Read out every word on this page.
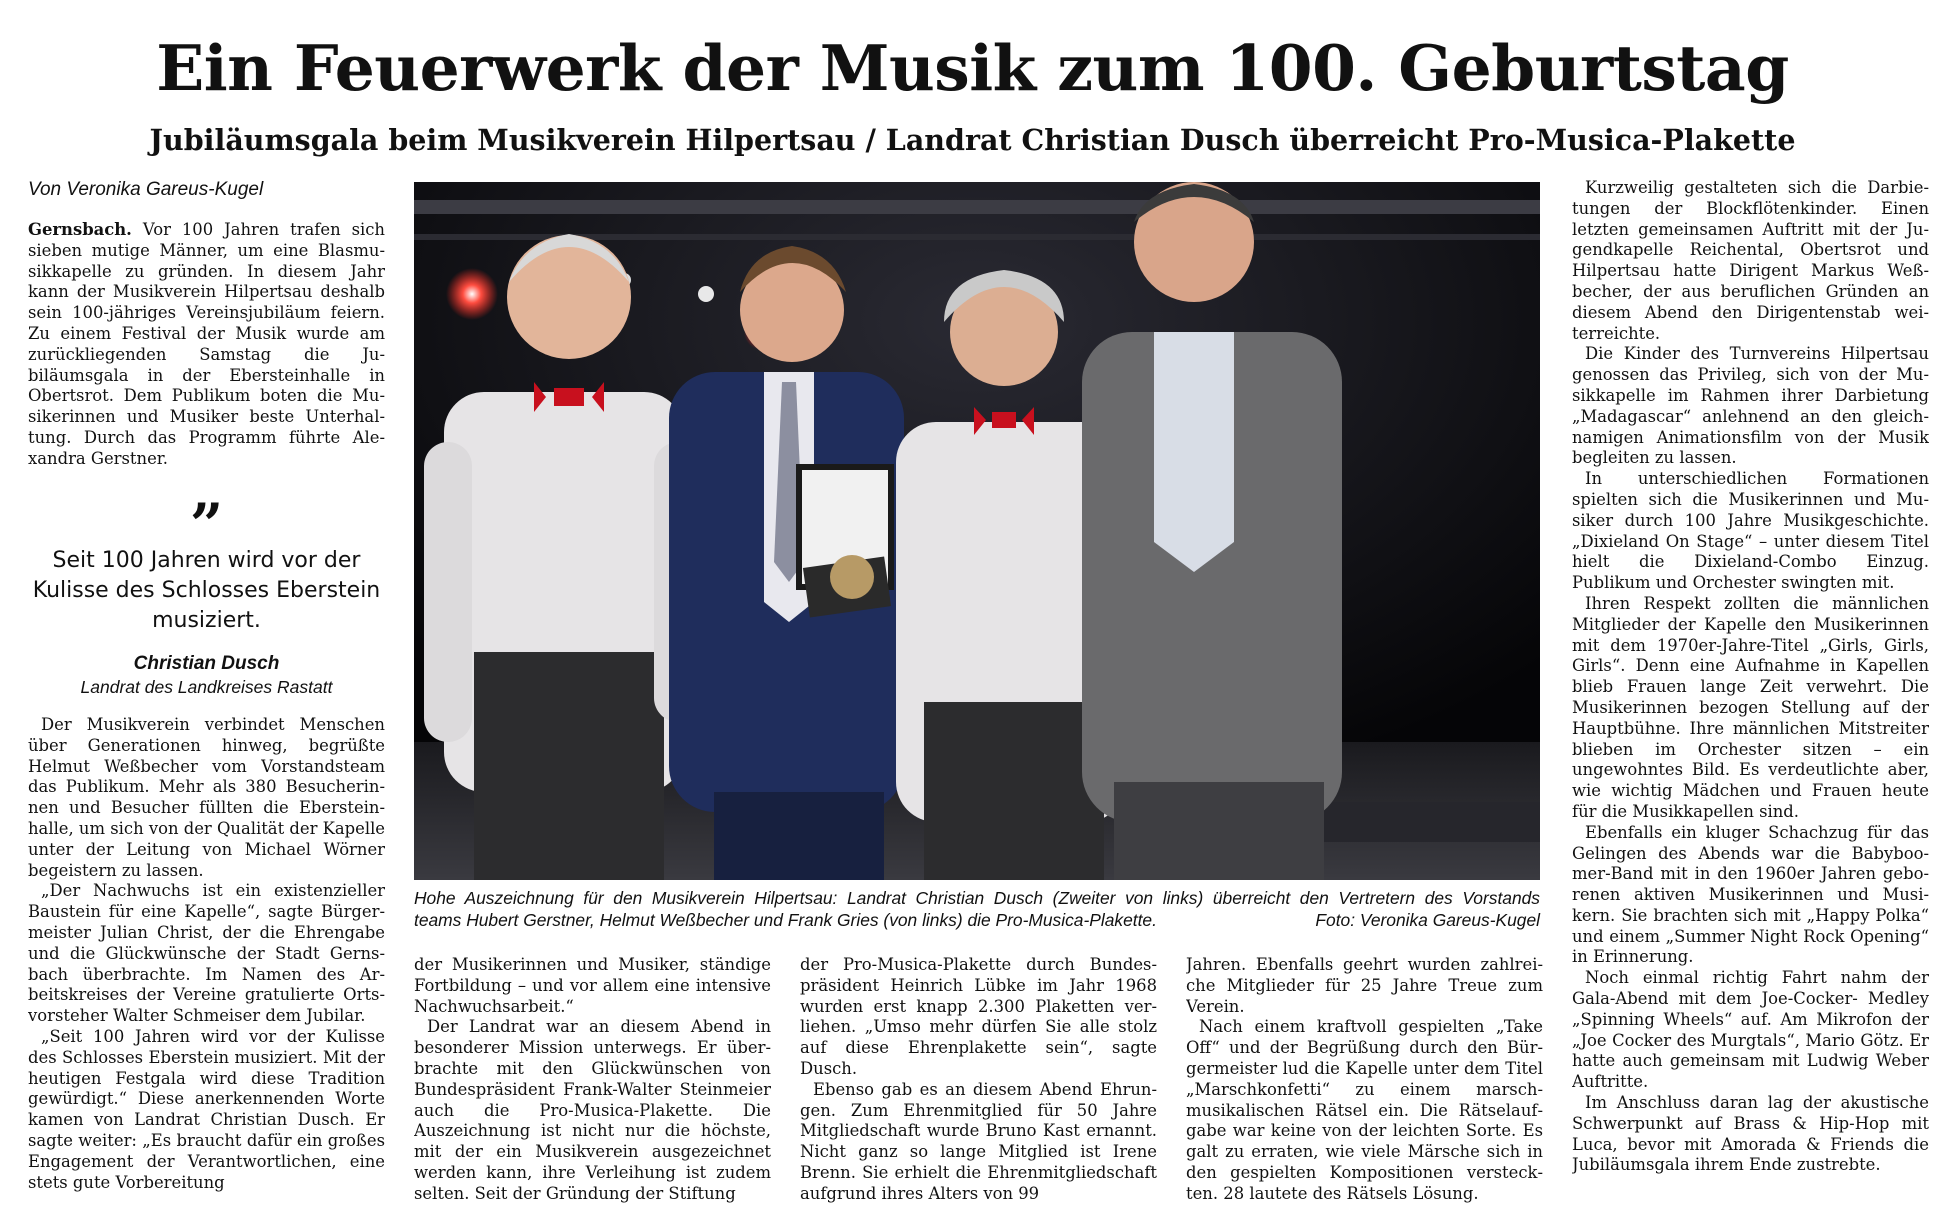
Ein Feuerwerk der Musik zum 100. Geburtstag
Jubiläumsgala beim Musikverein Hilpertsau / Landrat Christian Dusch überreicht Pro-Musica-Plakette
Von Veronika Gareus-Kugel

Gernsbach. Vor 100 Jahren trafen sich sieben mutige Männer, um eine Blasmusikkapelle zu gründen. In diesem Jahr kann der Musikverein Hilpertsau deshalb sein 100-jähriges Vereinsjubiläum feiern. Zu einem Festival der Musik wurde am zurückliegenden Samstag die Jubiläumsgala in der Ebersteinhalle in Obertsrot. Dem Publikum boten die Musikerinnen und Musiker beste Unterhaltung. Durch das Programm führte Alexandra Gerstner.

”
Seit 100 Jahren wird vor der Kulisse des Schlosses Eberstein musiziert.
Christian Dusch
Landrat des Landkreises Rastatt

Der Musikverein verbindet Menschen über Generationen hinweg, begrüßte Helmut Weßbecher vom Vorstandsteam das Publikum. Mehr als 380 Besucherinnen und Besucher füllten die Ebersteinhalle, um sich von der Qualität der Kapelle unter der Leitung von Michael Wörner begeistern zu lassen.

„Der Nachwuchs ist ein existenzieller Baustein für eine Kapelle“, sagte Bürgermeister Julian Christ, der die Ehrengabe und die Glückwünsche der Stadt Gernsbach überbrachte. Im Namen des Arbeitskreises der Vereine gratulierte Ortsvorsteher Walter Schmeiser dem Jubilar.

„Seit 100 Jahren wird vor der Kulisse des Schlosses Eberstein musiziert. Mit der heutigen Festgala wird diese Tradition gewürdigt.“ Diese anerkennenden Worte kamen von Landrat Christian Dusch. Er sagte weiter: „Es braucht dafür ein großes Engagement der Verantwortlichen, eine stets gute Vorbereitung

Hohe Auszeichnung für den Musikverein Hilpertsau: Landrat Christian Dusch (Zweiter von links) überreicht den Vertretern des Vorstands
teams Hubert Gerstner, Helmut Weßbecher und Frank Gries (von links) die Pro-Musica-Plakette.	Foto: Veronika Gareus-Kugel

der Musikerinnen und Musiker, ständige Fortbildung – und vor allem eine intensive Nachwuchsarbeit.“

Der Landrat war an diesem Abend in besonderer Mission unterwegs. Er überbrachte mit den Glückwünschen von Bundespräsident Frank-Walter Steinmeier auch die Pro-Musica-Plakette. Die Auszeichnung ist nicht nur die höchste, mit der ein Musikverein ausgezeichnet werden kann, ihre Verleihung ist zudem selten. Seit der Gründung der Stiftung

der Pro-Musica-Plakette durch Bundespräsident Heinrich Lübke im Jahr 1968 wurden erst knapp 2.300 Plaketten verliehen. „Umso mehr dürfen Sie alle stolz auf diese Ehrenplakette sein“, sagte Dusch.

Ebenso gab es an diesem Abend Ehrungen. Zum Ehrenmitglied für 50 Jahre Mitgliedschaft wurde Bruno Kast ernannt. Nicht ganz so lange Mitglied ist Irene Brenn. Sie erhielt die Ehrenmitgliedschaft aufgrund ihres Alters von 99

Jahren. Ebenfalls geehrt wurden zahlreiche Mitglieder für 25 Jahre Treue zum Verein.

Nach einem kraftvoll gespielten „Take Off“ und der Begrüßung durch den Bürgermeister lud die Kapelle unter dem Titel „Marschkonfetti“ zu einem marschmusikalischen Rätsel ein. Die Rätselaufgabe war keine von der leichten Sorte. Es galt zu erraten, wie viele Märsche sich in den gespielten Kompositionen versteckten. 28 lautete des Rätsels Lösung.

Kurzweilig gestalteten sich die Darbietungen der Blockflötenkinder. Einen letzten gemeinsamen Auftritt mit der Jugendkapelle Reichental, Obertsrot und Hilpertsau hatte Dirigent Markus Weßbecher, der aus beruflichen Gründen an diesem Abend den Dirigentenstab weiterreichte.

Die Kinder des Turnvereins Hilpertsau genossen das Privileg, sich von der Musikkapelle im Rahmen ihrer Darbietung „Madagascar“ anlehnend an den gleichnamigen Animationsfilm von der Musik begleiten zu lassen.

In unterschiedlichen Formationen spielten sich die Musikerinnen und Musiker durch 100 Jahre Musikgeschichte. „Dixieland On Stage“ – unter diesem Titel hielt die Dixieland-Combo Einzug. Publikum und Orchester swingten mit.

Ihren Respekt zollten die männlichen Mitglieder der Kapelle den Musikerinnen mit dem 1970er-Jahre-Titel „Girls, Girls, Girls“. Denn eine Aufnahme in Kapellen blieb Frauen lange Zeit verwehrt. Die Musikerinnen bezogen Stellung auf der Hauptbühne. Ihre männlichen Mitstreiter blieben im Orchester sitzen – ein ungewohntes Bild. Es verdeutlichte aber, wie wichtig Mädchen und Frauen heute für die Musikkapellen sind.

Ebenfalls ein kluger Schachzug für das Gelingen des Abends war die Babyboomer-Band mit in den 1960er Jahren geborenen aktiven Musikerinnen und Musikern. Sie brachten sich mit „Happy Polka“ und einem „Summer Night Rock Opening“ in Erinnerung.

Noch einmal richtig Fahrt nahm der Gala-Abend mit dem Joe-Cocker- Medley „Spinning Wheels“ auf. Am Mikrofon der „Joe Cocker des Murgtals“, Mario Götz. Er hatte auch gemeinsam mit Ludwig Weber Auftritte.

Im Anschluss daran lag der akustische Schwerpunkt auf Brass & Hip-Hop mit Luca, bevor mit Amorada & Friends die Jubiläumsgala ihrem Ende zustrebte.
